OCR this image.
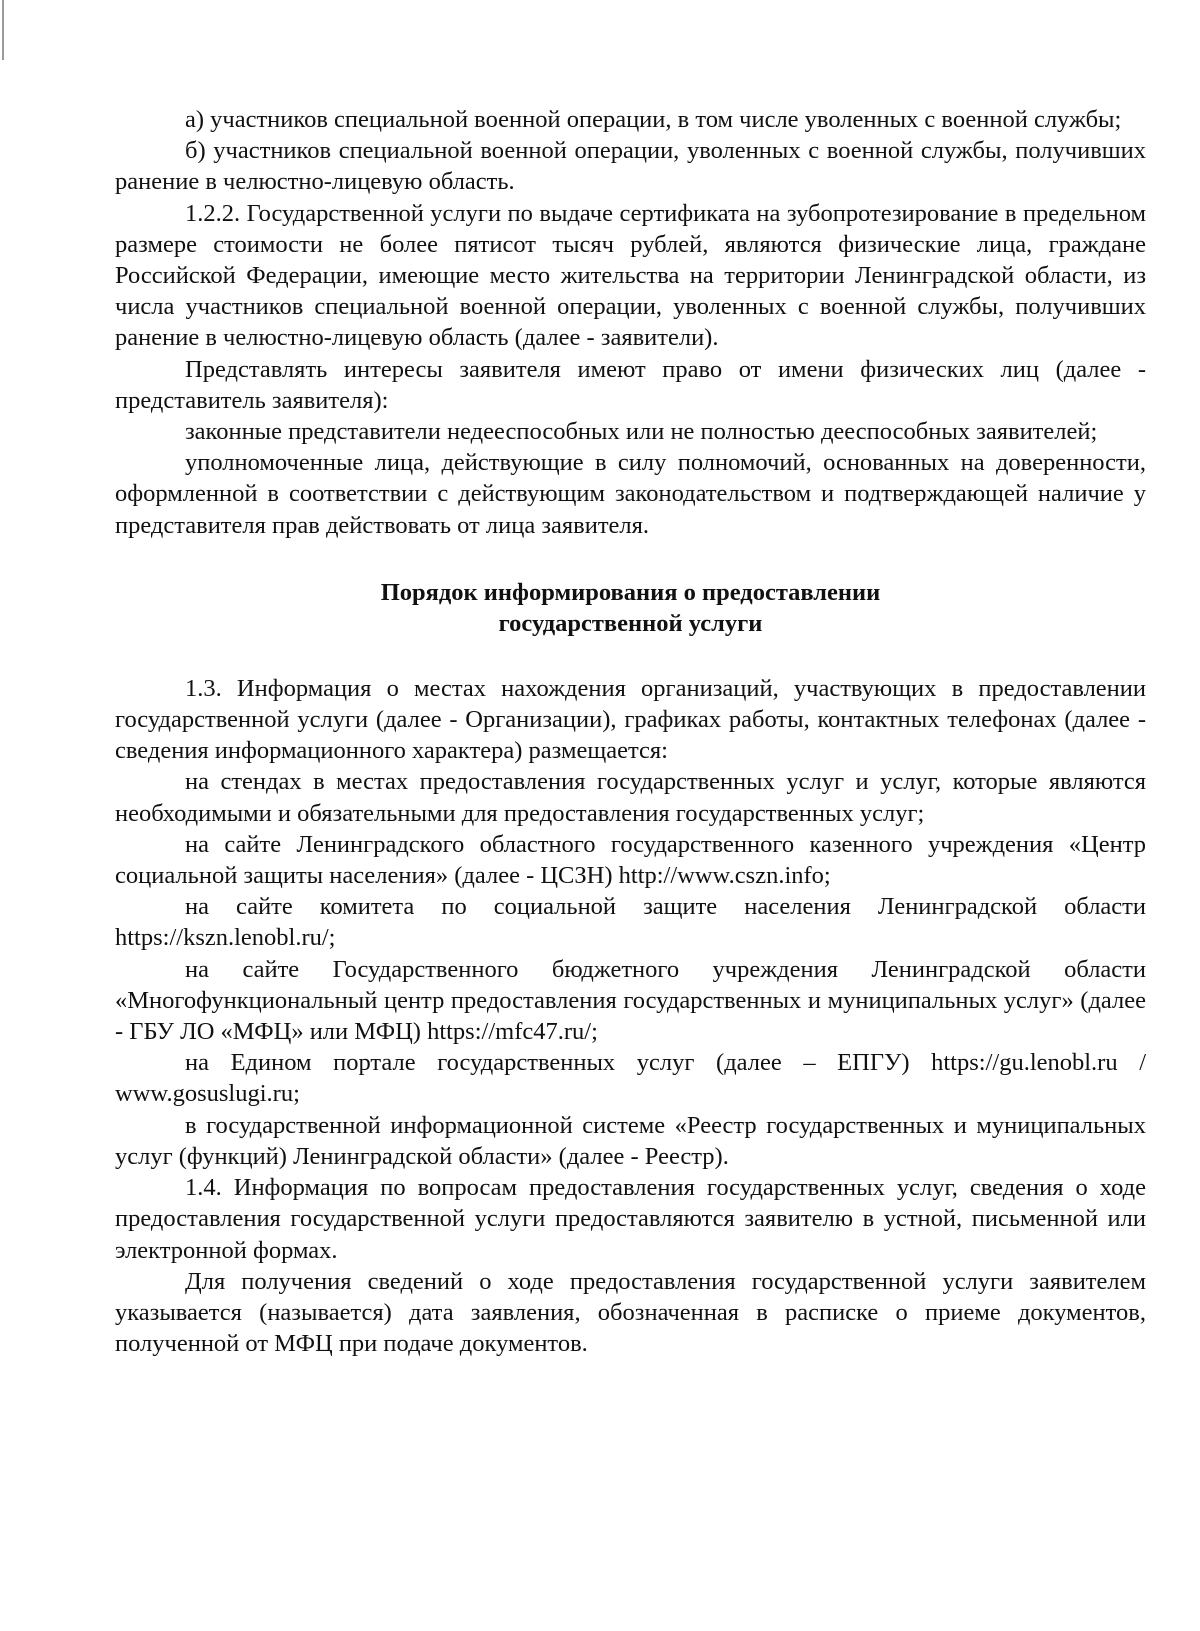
а) участников специальной военной операции, в том числе уволенных с военной службы;

б) участников специальной военной операции, уволенных с военной службы, получивших ранение в челюстно-лицевую область.

1.2.2. Государственной услуги по выдаче сертификата на зубопротезирование в предельном размере стоимости не более пятисот тысяч рублей, являются физические лица, граждане Российской Федерации, имеющие место жительства на территории Ленинградской области, из числа участников специальной военной операции, уволенных с военной службы, получивших ранение в челюстно-лицевую область (далее - заявители).

Представлять интересы заявителя имеют право от имени физических лиц (далее - представитель заявителя):

законные представители недееспособных или не полностью дееспособных заявителей;

уполномоченные лица, действующие в силу полномочий, основанных на доверенности, оформленной в соответствии с действующим законодательством и подтверждающей наличие у представителя прав действовать от лица заявителя.

Порядок информирования о предоставлении
государственной услуги

1.3. Информация о местах нахождения организаций, участвующих в предоставлении государственной услуги (далее - Организации), графиках работы, контактных телефонах (далее - сведения информационного характера) размещается:

на стендах в местах предоставления государственных услуг и услуг, которые являются необходимыми и обязательными для предоставления государственных услуг;

на сайте Ленинградского областного государственного казенного учреждения «Центр социальной защиты населения» (далее - ЦСЗН) http://www.cszn.info;

на сайте комитета по социальной защите населения Ленинградской области https://kszn.lenobl.ru/;

на сайте Государственного бюджетного учреждения Ленинградской области «Многофункциональный центр предоставления государственных и муниципальных услуг» (далее - ГБУ ЛО «МФЦ» или МФЦ) https://mfc47.ru/;

на Едином портале государственных услуг (далее – ЕПГУ) https://gu.lenobl.ru / www.gosuslugi.ru;

в государственной информационной системе «Реестр государственных и муниципальных услуг (функций) Ленинградской области» (далее - Реестр).

1.4. Информация по вопросам предоставления государственных услуг, сведения о ходе предоставления государственной услуги предоставляются заявителю в устной, письменной или электронной формах.

Для получения сведений о ходе предоставления государственной услуги заявителем указывается (называется) дата заявления, обозначенная в расписке о приеме документов, полученной от МФЦ при подаче документов.
